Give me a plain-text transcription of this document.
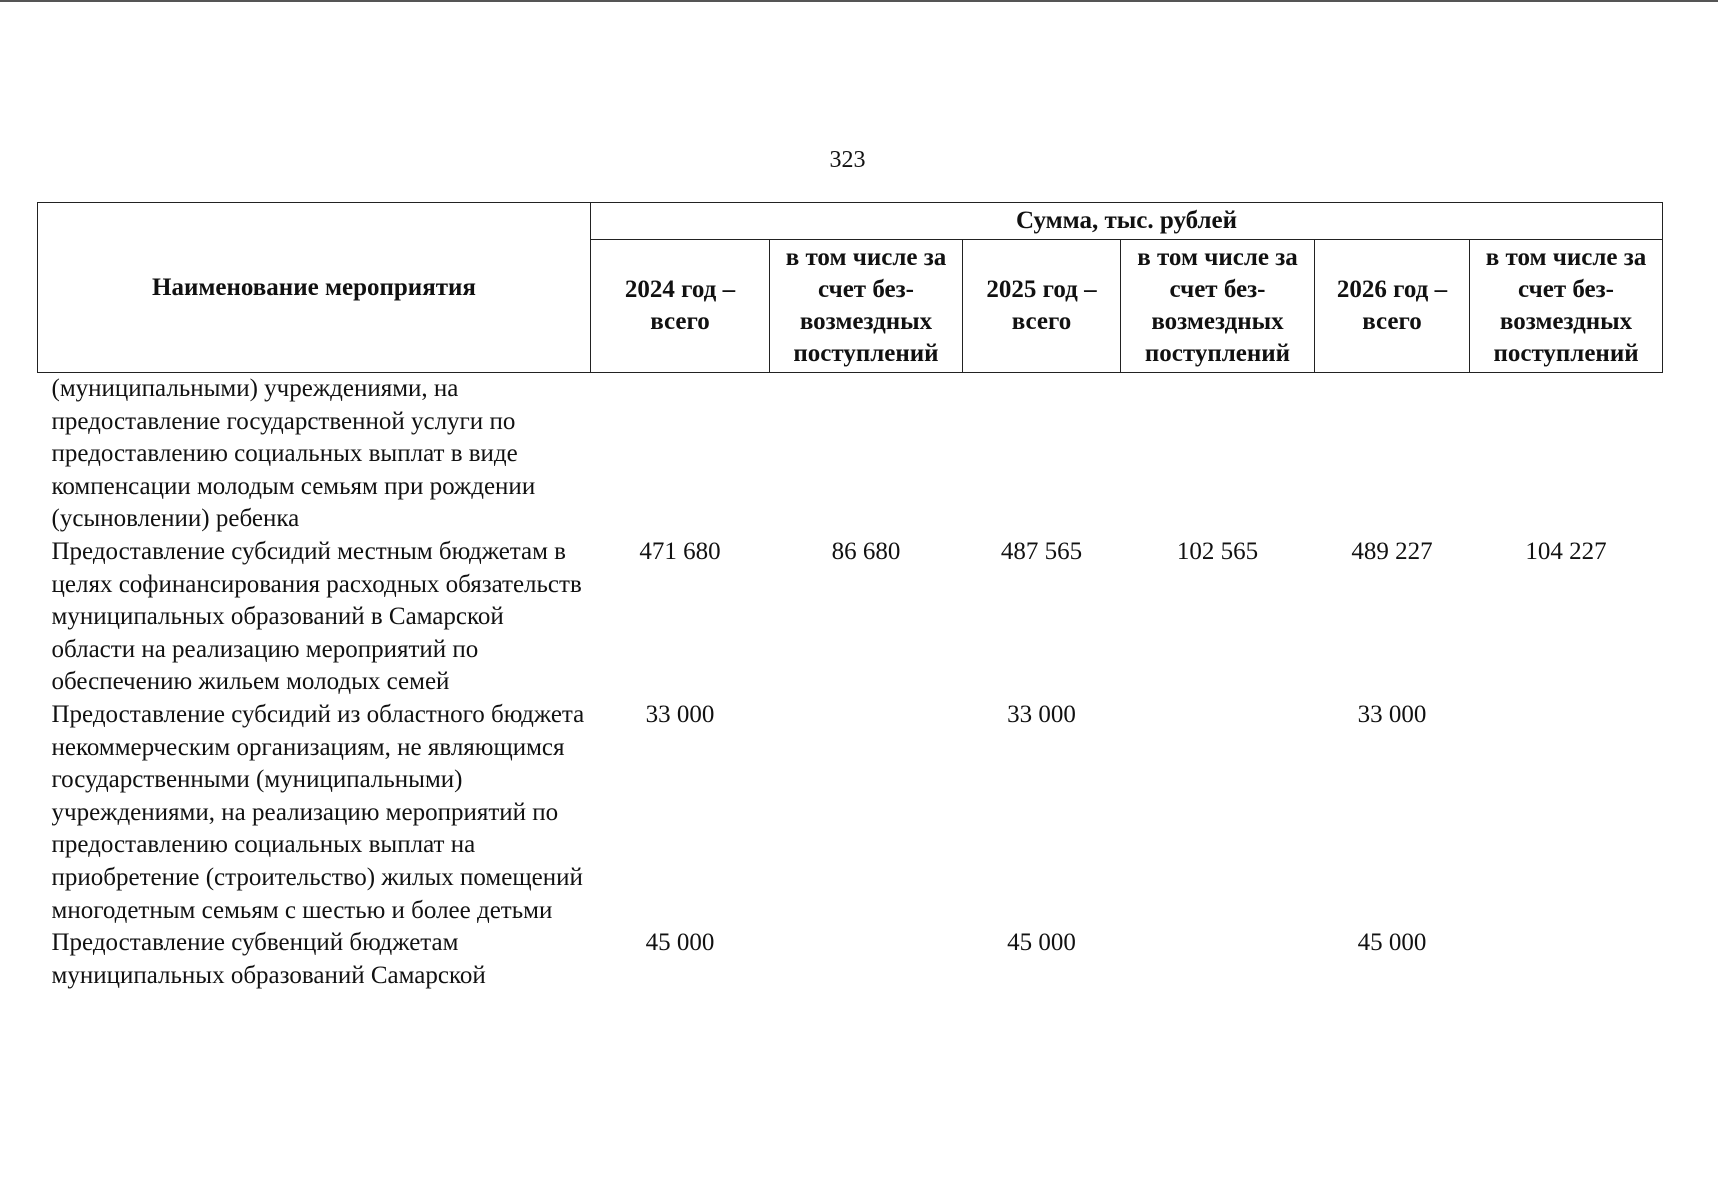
323
Наименование мероприятия	Сумма, тыс. рублей					
	2024 год – всего	в том числе за счет без-возмездных поступлений	2025 год – всего	в том числе за счет без-возмездных поступлений	2026 год – всего	в том числе за счет без-возмездных поступлений
(муниципальными) учреждениями, на предоставление государственной услуги по предоставлению социальных выплат в виде компенсации молодым семьям при рождении (усыновлении) ребенка						
Предоставление субсидий местным бюджетам в целях софинансирования расходных обязательств муниципальных образований в Самарской области на реализацию мероприятий по обеспечению жильем молодых семей	471 680	86 680	487 565	102 565	489 227	104 227
Предоставление субсидий из областного бюджета некоммерческим организациям, не являющимся государственными (муниципальными) учреждениями, на реализацию мероприятий по предоставлению социальных выплат на приобретение (строительство) жилых помещений многодетным семьям с шестью и более детьми	33 000		33 000		33 000	
Предоставление субвенций бюджетам муниципальных образований Самарской	45 000		45 000		45 000	
